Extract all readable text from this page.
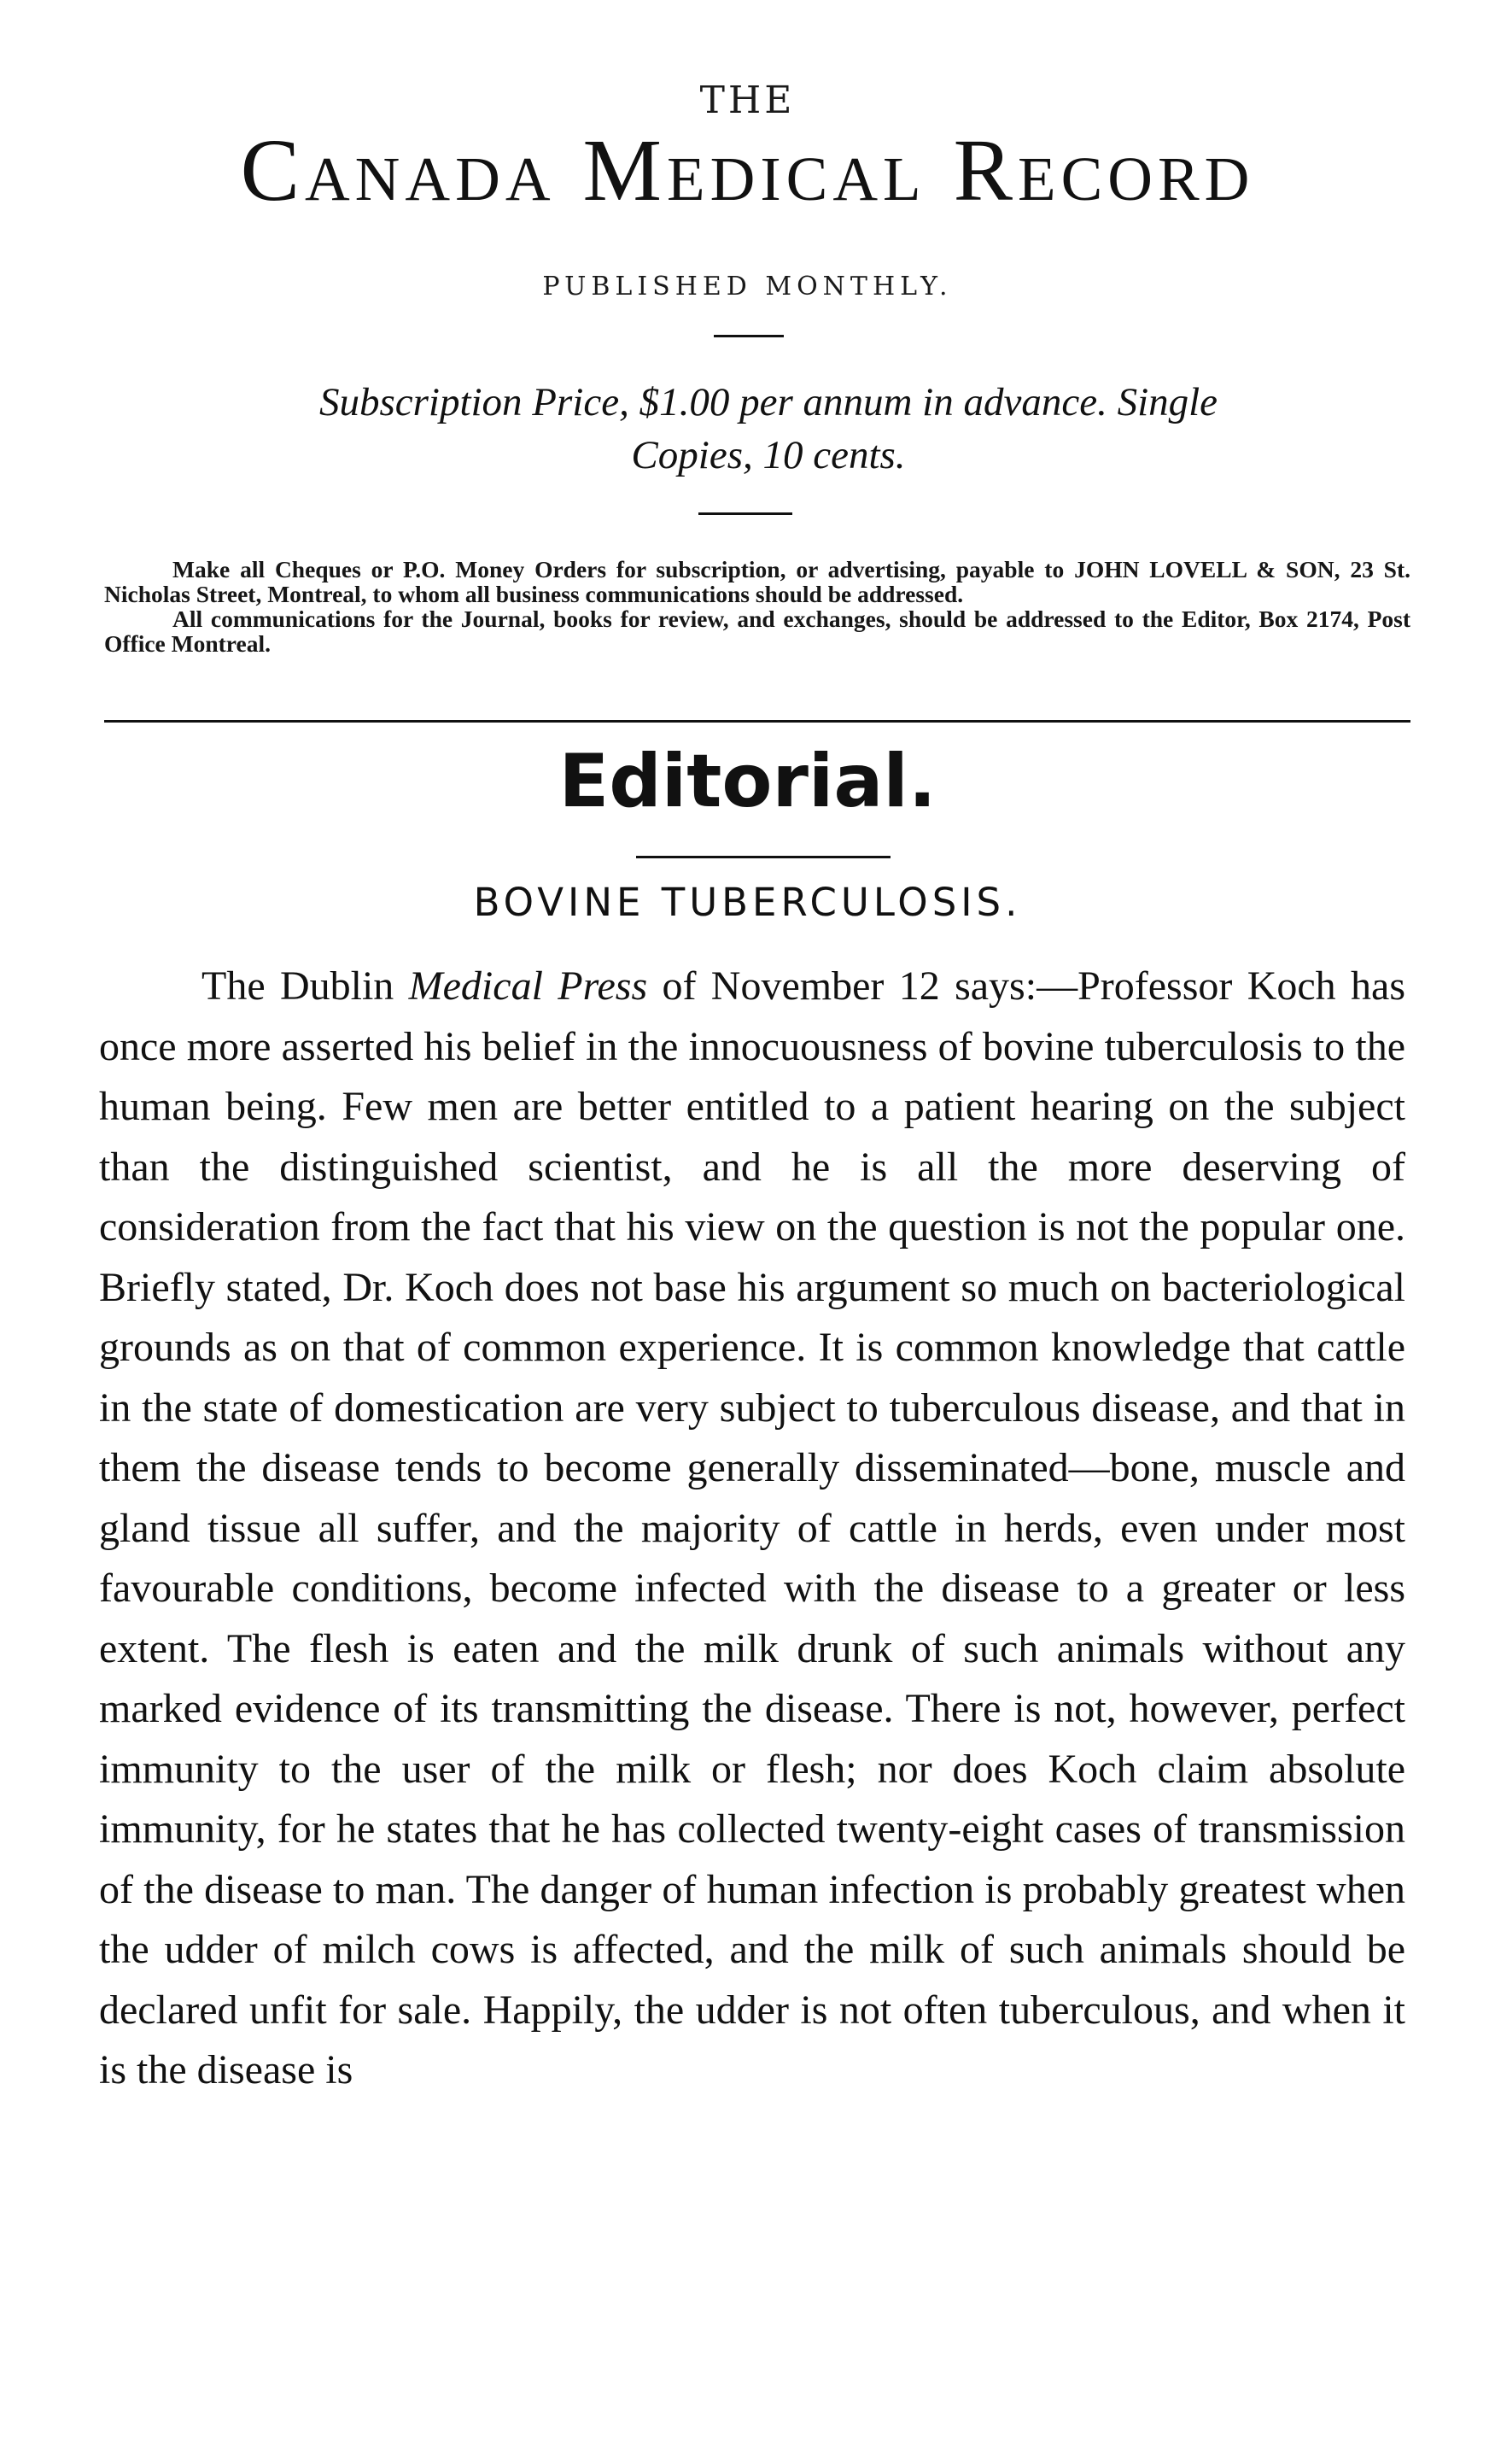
THE
Canada Medical Record
PUBLISHED MONTHLY.
Subscription Price, $1.00 per annum in advance. Single
Copies, 10 cents.

Make all Cheques or P.O. Money Orders for subscription, or advertising, payable to JOHN LOVELL & SON, 23 St. Nicholas Street, Montreal, to whom all business communications should be addressed.

All communications for the Journal, books for review, and exchanges, should be addressed to the Editor, Box 2174, Post Office Montreal.

Editorial.
BOVINE TUBERCULOSIS.

The Dublin Medical Press of November 12 says:—Professor Koch has once more asserted his belief in the innocuousness of bovine tuberculosis to the human being. Few men are better entitled to a patient hearing on the subject than the distinguished scientist, and he is all the more deserving of consideration from the fact that his view on the question is not the popular one. Briefly stated, Dr. Koch does not base his argument so much on bacteriological grounds as on that of common experience. It is common knowledge that cattle in the state of domestication are very subject to tuberculous disease, and that in them the disease tends to become generally disseminated—bone, muscle and gland tissue all suffer, and the majority of cattle in herds, even under most favourable conditions, become infected with the disease to a greater or less extent. The flesh is eaten and the milk drunk of such animals without any marked evidence of its transmitting the disease. There is not, however, perfect immunity to the user of the milk or flesh; nor does Koch claim absolute immunity, for he states that he has collected twenty-eight cases of transmission of the disease to man. The danger of human infection is probably greatest when the udder of milch cows is affected, and the milk of such animals should be declared unfit for sale. Happily, the udder is not often tuberculous, and when it is the disease is
